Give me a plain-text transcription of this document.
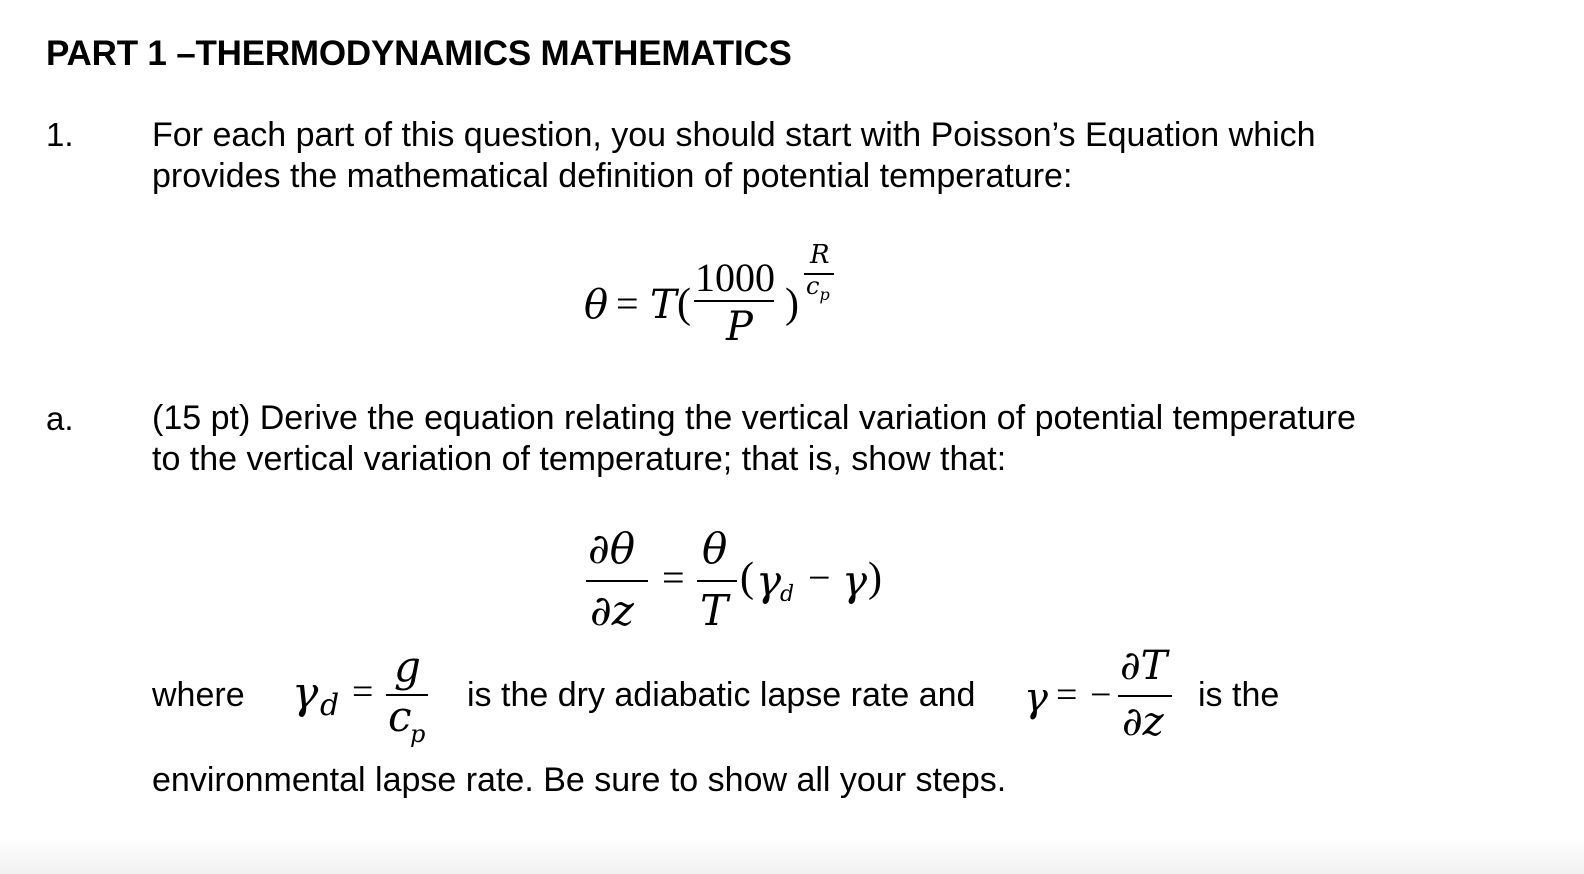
PART 1 –THERMODYNAMICS MATHEMATICS
1. For each part of this question, you should start with Poisson’s Equation which

provides the mathematical definition of potential temperature:

θ = T (
1000
P )
R
$c_p$
a. (15 pt) Derive the equation relating the vertical variation of potential temperature

to the vertical variation of temperature; that is, show that:

∂θ
∂z
=
θ
T
( γ
d − γ )
where γ d =
g
c
p
is the dry adiabatic lapse rate and γ = −
∂T
∂z
is the

environmental lapse rate. Be sure to show all your steps.
